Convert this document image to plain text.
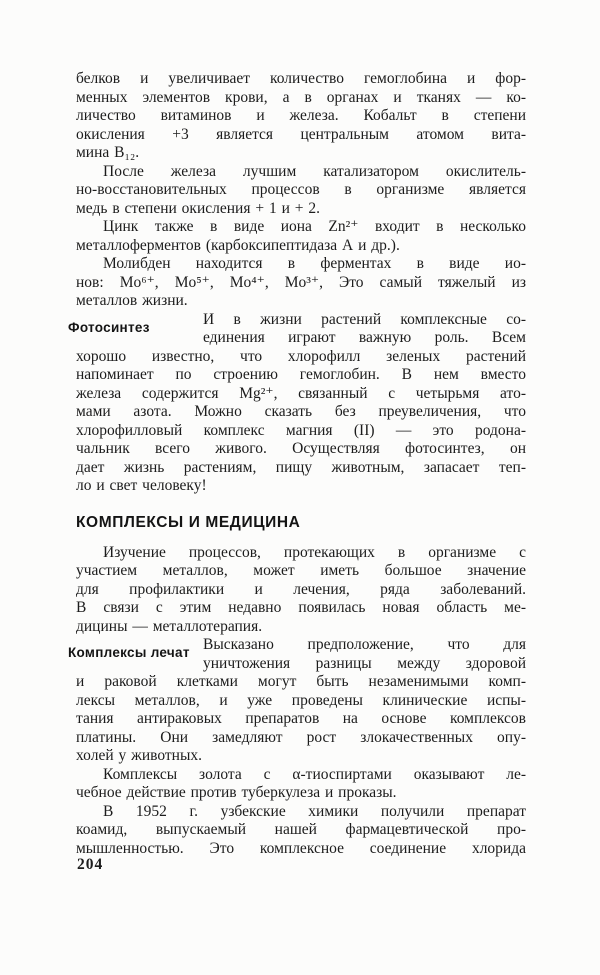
белков и увеличивает количество гемоглобина и фор-
менных элементов крови, а в органах и тканях — ко-
личество витаминов и железа. Кобальт в степени
окисления +3 является центральным атомом вита-
мина B₁₂.
После железа лучшим катализатором окислитель-
но-восстановительных процессов в организме является
медь в степени окисления + 1 и + 2.
Цинк также в виде иона Zn²⁺ входит в несколько
металлоферментов (карбоксипептидаза А и др.).
Молибден находится в ферментах в виде ио-
нов: Mo⁶⁺, Mo⁵⁺, Mo⁴⁺, Mo³⁺, Это самый тяжелый из
металлов жизни.
Фотосинтез	И в жизни растений комплексные со-
единения играют важную роль. Всем
хорошо известно, что хлорофилл зеленых растений
напоминает по строению гемоглобин. В нем вместо
железа содержится Mg²⁺, связанный с четырьмя ато-
мами азота. Можно сказать без преувеличения, что
хлорофилловый комплекс магния (II) — это родона-
чальник всего живого. Осуществляя фотосинтез, он
дает жизнь растениям, пищу животным, запасает теп-
ло и свет человеку!
КОМПЛЕКСЫ И МЕДИЦИНА
Изучение процессов, протекающих в организме с
участием металлов, может иметь большое значение
для профилактики и лечения, ряда заболеваний.
В связи с этим недавно появилась новая область ме-
дицины — металлотерапия.
Комплексы лечат Высказано предположение, что для
уничтожения разницы между здоровой
и раковой клетками могут быть незаменимыми комп-
лексы металлов, и уже проведены клинические испы-
тания антираковых препаратов на основе комплексов
платины. Они замедляют рост злокачественных опу-
холей у животных.
Комплексы золота с α-тиоспиртами оказывают ле-
чебное действие против туберкулеза и проказы.
В 1952 г. узбекские химики получили препарат
коамид, выпускаемый нашей фармацевтической про-
мышленностью. Это комплексное соединение хлорида
204
